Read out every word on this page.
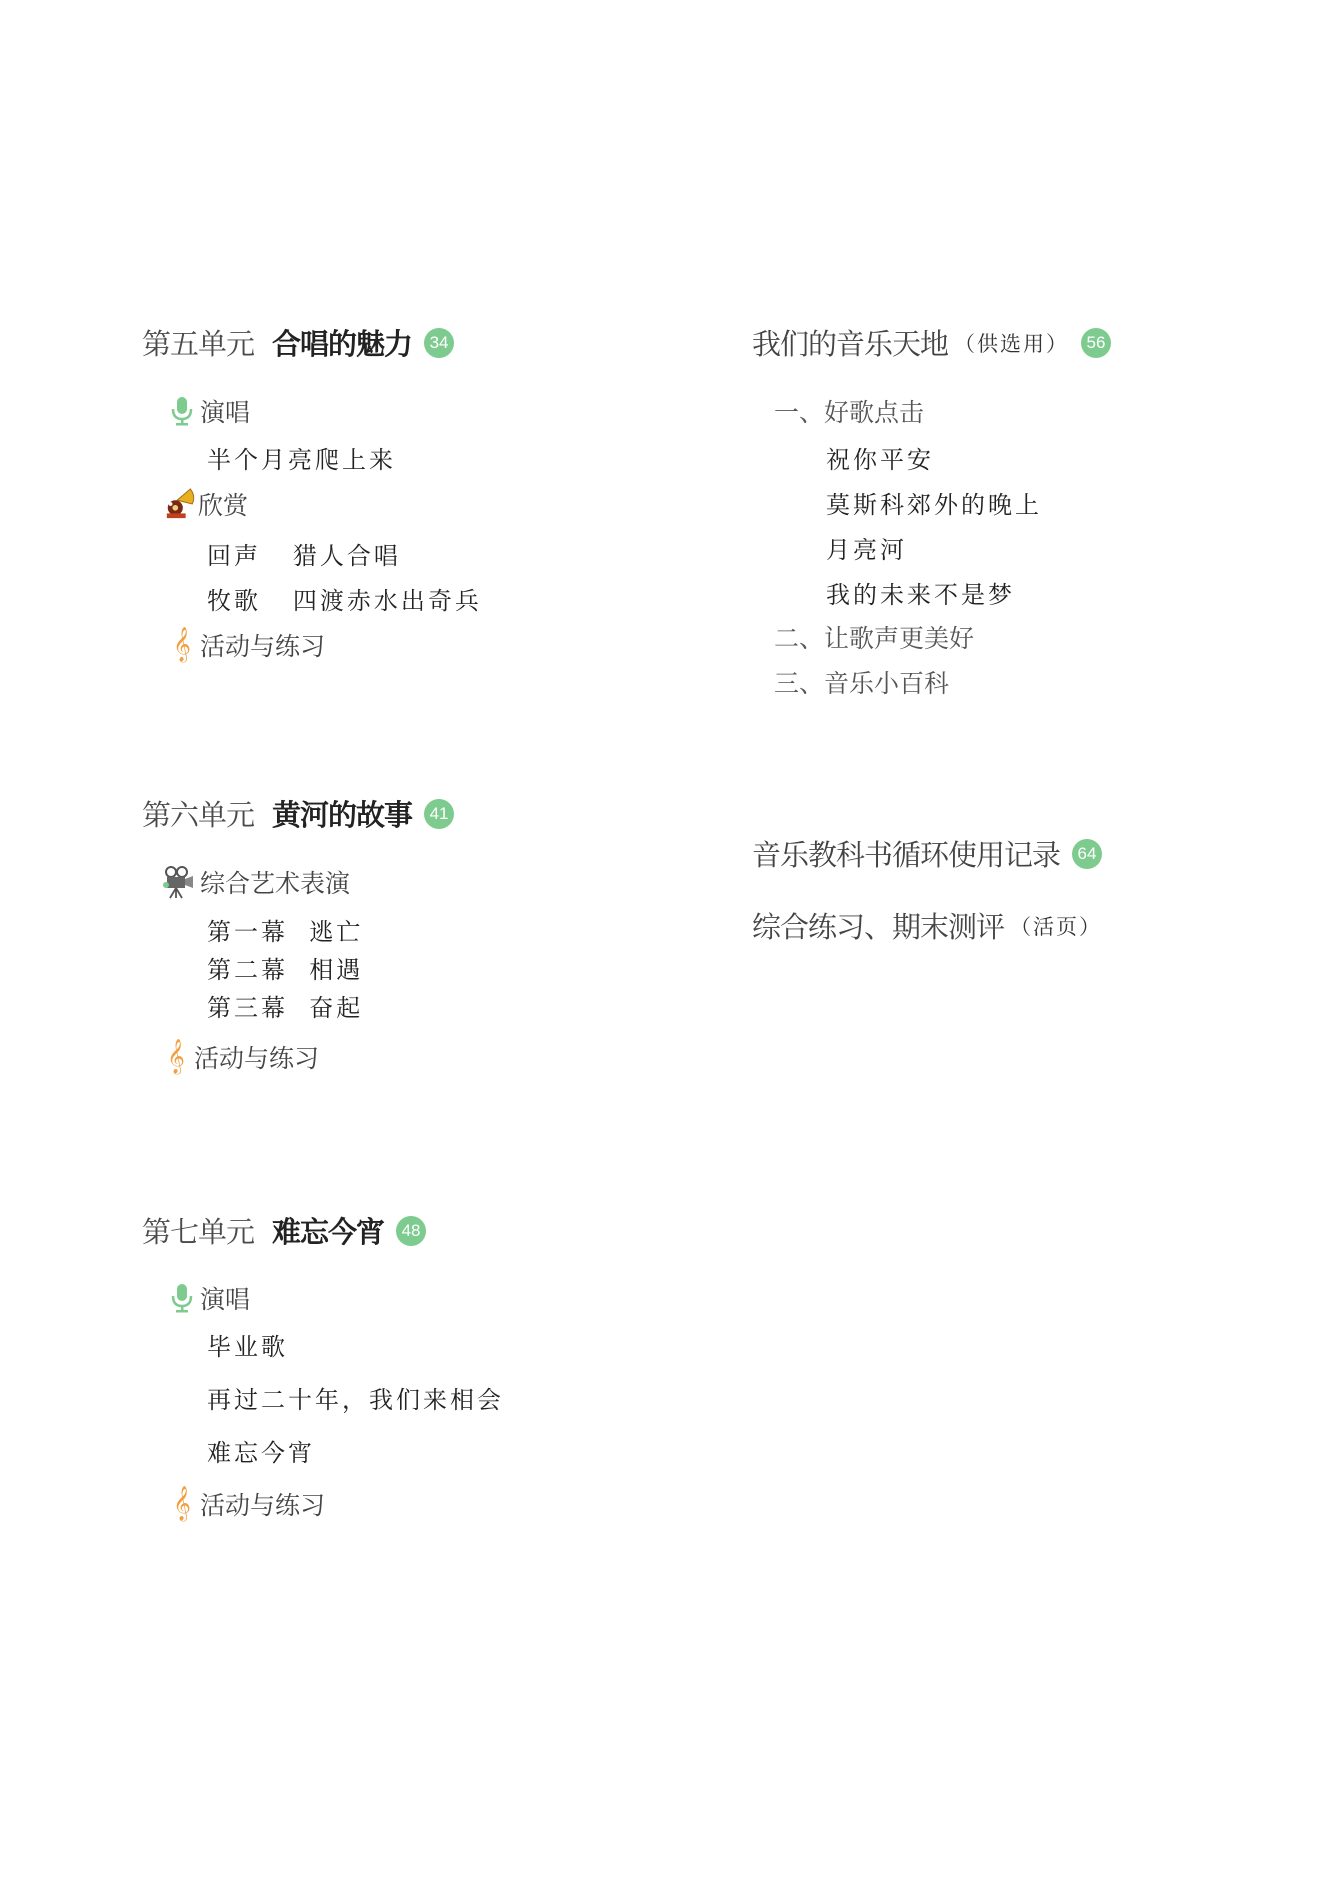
第五单元 合唱的魅力	34
演唱
半个月亮爬上来
欣赏
回声   猎人合唱
牧歌   四渡赤水出奇兵
𝄞 活动与练习
第六单元 黄河的故事	41
综合艺术表演
第一幕  逃亡
第二幕  相遇
第三幕  奋起
𝄞 活动与练习
第七单元 难忘今宵	48
演唱
毕业歌
再过二十年，我们来相会
难忘今宵
𝄞 活动与练习
我们的音乐天地 （供选用）	56
一、好歌点击
祝你平安
莫斯科郊外的晚上
月亮河
我的未来不是梦
二、让歌声更美好
三、音乐小百科
音乐教科书循环使用记录	64
综合练习、期末测评 （活页）
